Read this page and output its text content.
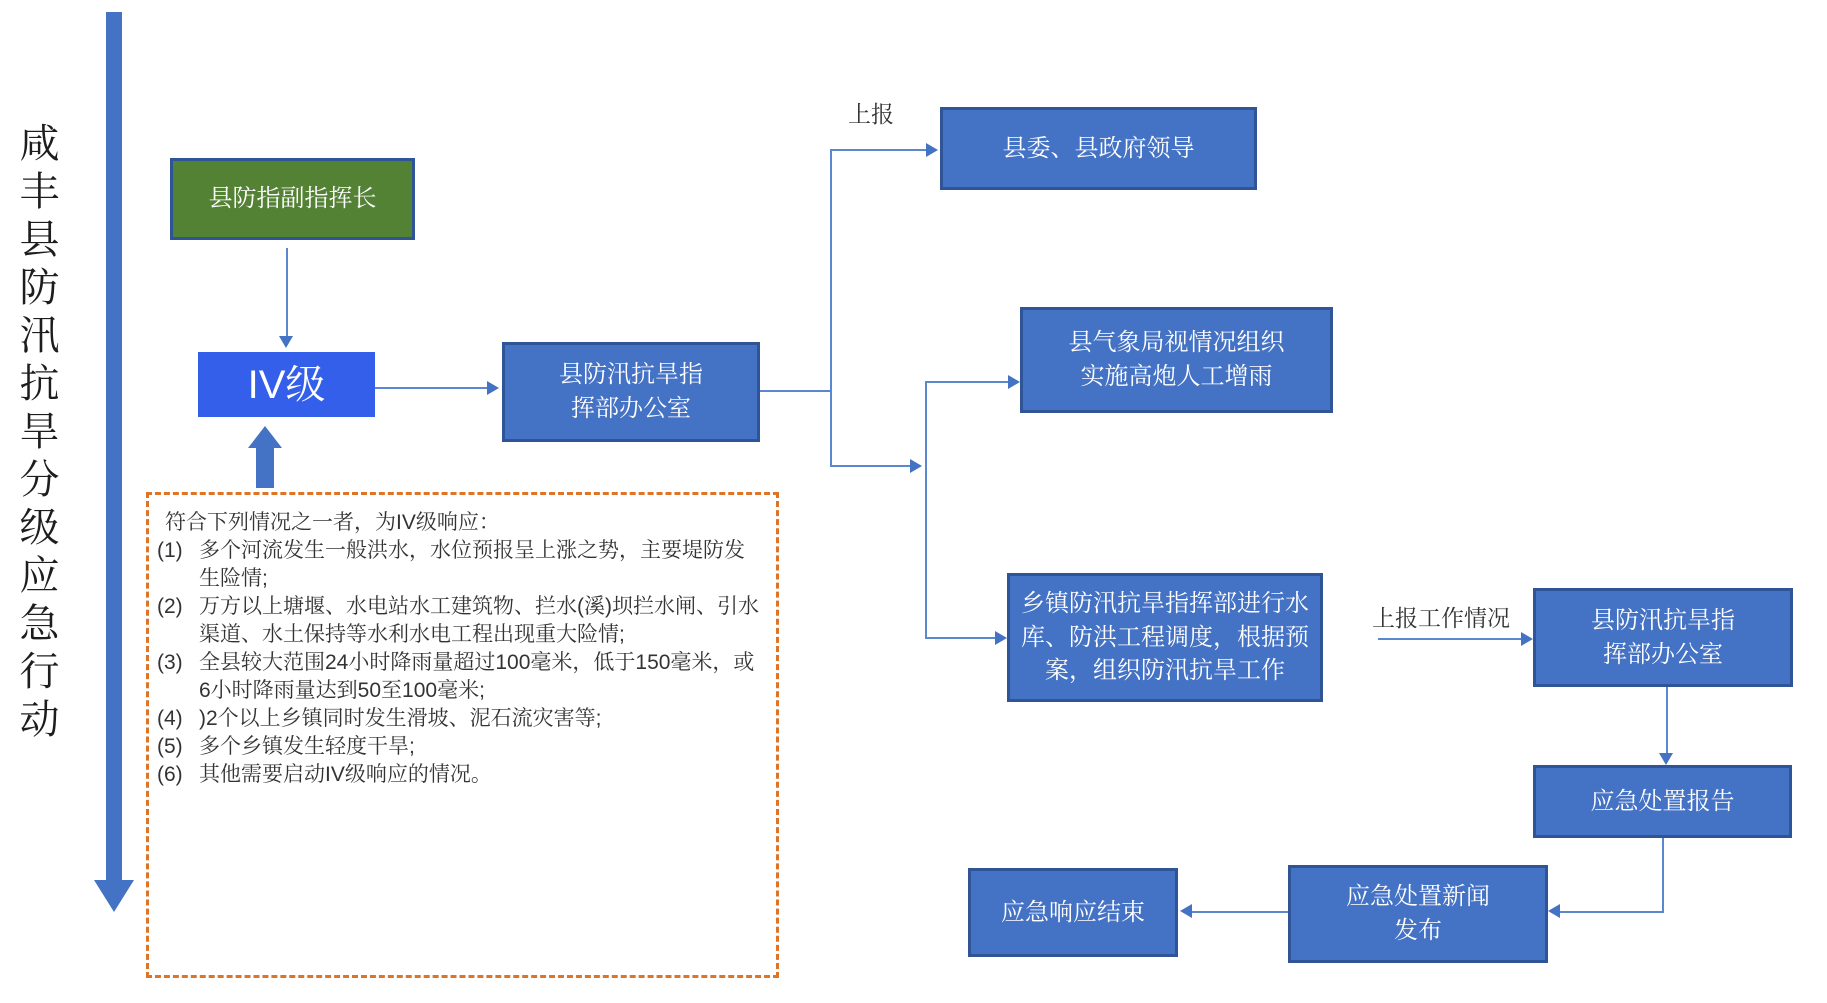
咸丰县防汛抗旱分级应急行动	县防指副指挥长
IV级	县防汛抗旱指
挥部办公室
县委、县政府领导
县气象局视情况组织
实施高炮人工增雨
乡镇防汛抗旱指挥部进行水
库、防洪工程调度，根据预
案，组织防汛抗旱工作
县防汛抗旱指
挥部办公室
应急处置报告
应急处置新闻
发布
应急响应结束
符合下列情况之一者，为IV级响应：
(1) 多个河流发生一般洪水，水位预报呈上涨之势，主要堤防发生险情;
(2) 万方以上塘堰、水电站水工建筑物、拦水(溪)坝拦水闸、引水渠道、水土保持等水利水电工程出现重大险情;
(3) 全县较大范围24小时降雨量超过100毫米，低于150毫米，或6小时降雨量达到50至100毫米;
(4) )2个以上乡镇同时发生滑坡、泥石流灾害等;
(5) 多个乡镇发生轻度干旱;
(6) 其他需要启动IV级响应的情况。
上报
上报工作情况
